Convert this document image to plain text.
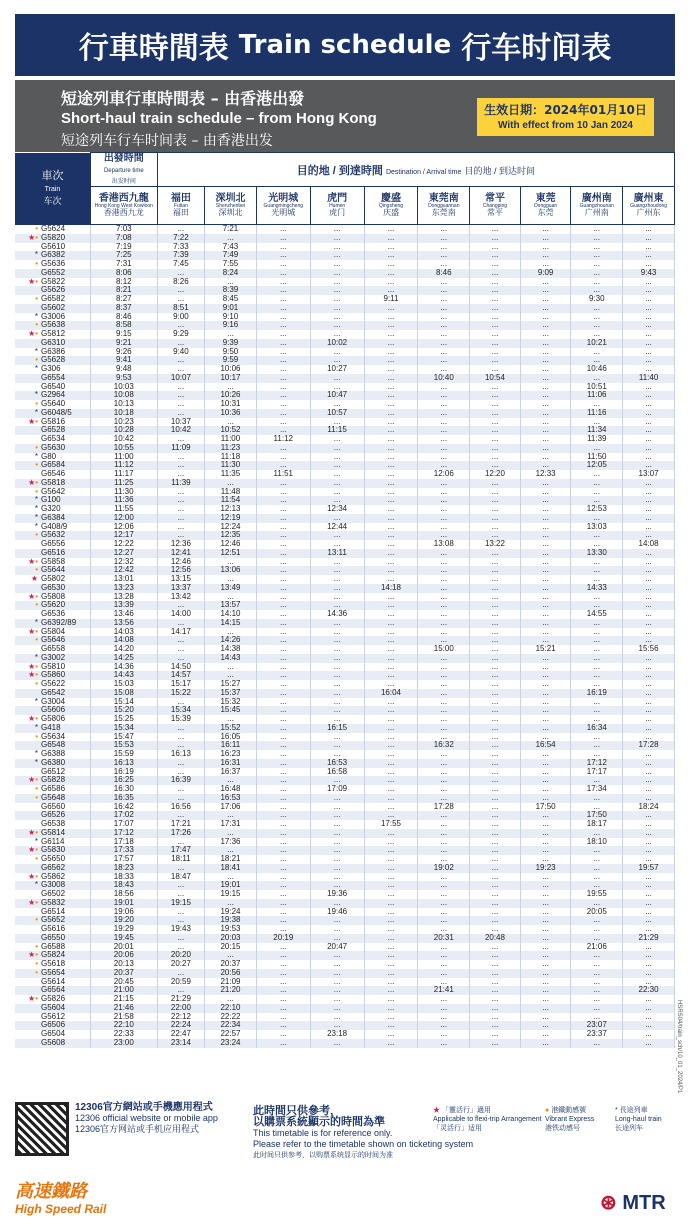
行車時間表 Train schedule 行车时间表
短途列車行車時間表 – 由香港出發
Short-haul train schedule – from Hong Kong
短途列车行车时间表 – 由香港出发
生效日期：2024年01月10日
With effect from 10 Jan 2024
車次
Train
车次	出發時間
Departure time
出发时间	目的地 / 到達時間 Destination / Arrival time 目的地 / 到达时间									
	香港西九龍
Hong Kong West Kowloon
香港西九龙	福田
Futian
福田	深圳北
Shenzhenbei
深圳北	光明城
Guangmingcheng
光明城	虎門
Humen
虎门	慶盛
Qingsheng
庆盛	東莞南
Dongguannan
东莞南	常平
Changping
常平	東莞
Dongguan
东莞	廣州南
Guangzhounan
广州南	廣州東
Guangzhoudong
广州东

• G5624	7:03	...	7:21	...	...	...	...	...	...	...	...
★• G5820	7:08	7:22	...	...	...	...	...	...	...	...	...
G5610	7:19	7:33	7:43	...	...	...	...	...	...	...	...
* G6382	7:25	7:39	7:49	...	...	...	...	...	...	...	...
• G5636	7:31	7:45	7:55	...	...	...	...	...	...	...	...
G6552	8:06	...	8:24	...	...	...	8:46	...	9:09	...	9:43
★• G5822	8:12	8:26	...	...	...	...	...	...	...	...	...
G5626	8:21	...	8:39	...	...	...	...	...	...	...	...
• G6582	8:27	...	8:45	...	...	9:11	...	...	...	9:30	...
G5602	8:37	8:51	9:01	...	...	...	...	...	...	...	...
* G3006	8:46	9:00	9:10	...	...	...	...	...	...	...	...
• G5638	8:58	...	9:16	...	...	...	...	...	...	...	...
★• G5812	9:15	9:29	...	...	...	...	...	...	...	...	...
G6310	9:21	...	9:39	...	10:02	...	...	...	...	10:21	...
* G6386	9:26	9:40	9:50	...	...	...	...	...	...	...	...
• G5628	9:41	...	9:59	...	...	...	...	...	...	...	...
* G306	9:48	...	10:06	...	10:27	...	...	...	...	10:46	...
G6554	9:53	10:07	10:17	...	...	...	10:40	10:54	...	...	11:40
G6540	10:03	...	...	...	...	...	...	...	...	10:51	...
* G2964	10:08	...	10:26	...	10:47	...	...	...	...	11:06	...
• G5640	10:13	...	10:31	...	...	...	...	...	...	...	...
* G6048/5	10:18	...	10:36	...	10:57	...	...	...	...	11:16	...
★• G5816	10:23	10:37	...	...	...	...	...	...	...	...	...
G6528	10:28	10:42	10:52	...	11:15	...	...	...	...	11:34	...
G6534	10:42	...	11:00	11:12	...	...	...	...	...	11:39	...
• G5630	10:55	11:09	11:23	...	...	...	...	...	...	...	...
* G80	11:00	...	11:18	...	...	...	...	...	...	11:50	...
• G6584	11:12	...	11:30	...	...	...	...	...	...	12:05	...
G6546	11:17	...	11:35	11:51	...	...	12:06	12:20	12:33	...	13:07
★• G5818	11:25	11:39	...	...	...	...	...	...	...	...	...
• G5642	11:30	...	11:48	...	...	...	...	...	...	...	...
* G100	11:36	...	11:54	...	...	...	...	...	...	...	...
* G320	11:55	...	12:13	...	12:34	...	...	...	...	12:53	...
* G6384	12:00	...	12:19	...	...	...	...	...	...	...	...
* G408/9	12:06	...	12:24	...	12:44	...	...	...	...	13:03	...
• G5632	12:17	...	12:35	...	...	...	...	...	...	...	...
G6556	12:22	12:36	12:46	...	...	...	13:08	13:22	...	...	14:08
G6516	12:27	12:41	12:51	...	13:11	...	...	...	...	13:30	...
★• G5858	12:32	12:46	...	...	...	...	...	...	...	...	...
• G5644	12:42	12:56	13:06	...	...	...	...	...	...	...	...
★ G5802	13:01	13:15	...	...	...	...	...	...	...	...	...
G6530	13:23	13:37	13:49	...	...	14:18	...	...	...	14:33	...
★• G5808	13:28	13:42	...	...	...	...	...	...	...	...	...
• G5620	13:39	...	13:57	...	...	...	...	...	...	...	...
G6536	13:46	14:00	14:10	...	14:36	...	...	...	...	14:55	...
* G6392/89	13:56	...	14:15	...	...	...	...	...	...	...	...
★• G5804	14:03	14:17	...	...	...	...	...	...	...	...	...
• G5646	14:08	...	14:26	...	...	...	...	...	...	...	...
G6558	14:20	...	14:38	...	...	...	15:00	...	15:21	...	15:56
* G3002	14:25	...	14:43	...	...	...	...	...	...	...	...
★• G5810	14:36	14:50	...	...	...	...	...	...	...	...	...
★• G5860	14:43	14:57	...	...	...	...	...	...	...	...	...
• G5622	15:03	15:17	15:27	...	...	...	...	...	...	...	...
G6542	15:08	15:22	15:37	...	...	16:04	...	...	...	16:19	...
* G3004	15:14	...	15:32	...	...	...	...	...	...	...	...
G5606	15:20	15:34	15:45	...	...	...	...	...	...	...	...
★• G5806	15:25	15:39	...	...	...	...	...	...	...	...	...
* G418	15:34	...	15:52	...	16:15	...	...	...	...	16:34	...
• G5634	15:47	...	16:05	...	...	...	...	...	...	...	...
G6548	15:53	...	16:11	...	...	...	16:32	...	16:54	...	17:28
* G6388	15:59	16:13	16:23	...	...	...	...	...	...	...	...
* G6380	16:13	...	16:31	...	16:53	...	...	...	...	17:12	...
G6512	16:19	...	16:37	...	16:58	...	...	...	...	17:17	...
★• G5828	16:25	16:39	...	...	...	...	...	...	...	...	...
• G6586	16:30	...	16:48	...	17:09	...	...	...	...	17:34	...
• G5648	16:35	...	16:53	...	...	...	...	...	...	...	...
G6560	16:42	16:56	17:06	...	...	...	17:28	...	17:50	...	18:24
G6526	17:02	...	...	...	...	...	...	...	...	17:50	...
G6538	17:07	17:21	17:31	...	...	17:55	...	...	...	18:17	...
★• G5814	17:12	17:26	...	...	...	...	...	...	...	...	...
* G6114	17:18	...	17:36	...	...	...	...	...	...	18:10	...
★• G5830	17:33	17:47	...	...	...	...	...	...	...	...	...
• G5650	17:57	18:11	18:21	...	...	...	...	...	...	...	...
G6562	18:23	...	18:41	...	...	...	19:02	...	19:23	...	19:57
★• G5862	18:33	18:47	...	...	...	...	...	...	...	...	...
* G3008	18:43	...	19:01	...	...	...	...	...	...	...	...
G6502	18:56	...	19:15	...	19:36	...	...	...	...	19:55	...
★• G5832	19:01	19:15	...	...	...	...	...	...	...	...	...
G6514	19:06	...	19:24	...	19:46	...	...	...	...	20:05	...
• G5652	19:20	...	19:38	...	...	...	...	...	...	...	...
G5616	19:29	19:43	19:53	...	...	...	...	...	...	...	...
G6550	19:45	...	20:03	20:19	...	...	20:31	20:48	...	...	21:29
• G6588	20:01	...	20:15	...	20:47	...	...	...	...	21:06	...
★• G5824	20:06	20:20	...	...	...	...	...	...	...	...	...
• G5618	20:13	20:27	20:37	...	...	...	...	...	...	...	...
• G5654	20:37	...	20:56	...	...	...	...	...	...	...	...
G5614	20:45	20:59	21:09	...	...	...	...	...	...	...	...
G6564	21:00	...	21:20	...	...	...	21:41	...	...	...	22:30
★• G5826	21:15	21:29	...	...	...	...	...	...	...	...	...
G5604	21:46	22:00	22:10	...	...	...	...	...	...	...	...
G5612	21:58	22:12	22:22	...	...	...	...	...	...	...	...
G6506	22:10	22:24	22:34	...	...	...	...	...	...	23:07	...
G6504	22:33	22:47	22:57	...	23:18	...	...	...	...	23:37	...
G5608	23:00	23:14	23:24	...	...	...	...	...	...	...	...
12306官方網站或手機應用程式
12306 official website or mobile app
12306官方网站或手机应用程式
此時間只供參考，
以購票系統顯示的時間為準
This timetable is for reference only.
Please refer to the timetable shown on ticketing system
此时间只供参考，以购票系统显示的时间为准
★ 「靈活行」適用
Applicable to flexi-trip Arrangement
「灵活行」适用
● 港鐵動感號
Vibrant Express
港铁动感号
* 長途列車
Long-haul train
长途列车
高速鐵路
High Speed Rail	⊛ MTR
HSRS04/train_sch/10_01_2024/P1
